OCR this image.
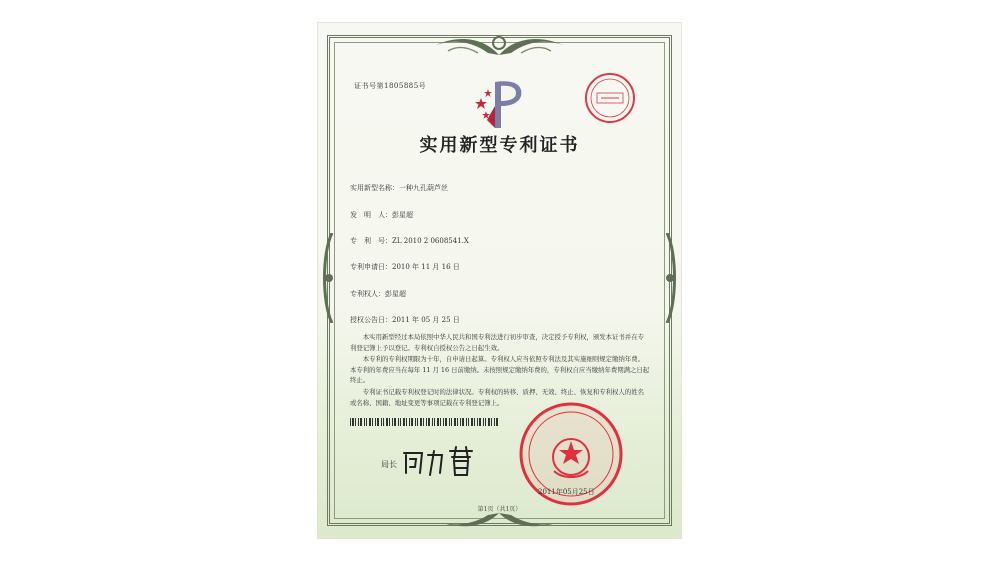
证书号第1805885号
实用新型专利证书
实用新型名称：一种九孔葫芦丝
发　明　人：彭星超
专　利　号：ZL 2010 2 0608541.X
专利申请日：2010 年 11 月 16 日
专利权人：彭星超
授权公告日：2011 年 05 月 25 日
本实用新型经过本局依照中华人民共和国专利法进行初步审查，决定授予专利权，颁发本证书并在专利登记簿上予以登记。专利权自授权公告之日起生效。
本专利的专利权期限为十年，自申请日起算。专利权人应当依照专利法及其实施细则规定缴纳年费。本专利的年费应当在每年 11 月 16 日前缴纳。未按照规定缴纳年费的，专利权自应当缴纳年费期满之日起终止。
专利证书记载专利权登记时的法律状况。专利权的转移、质押、无效、终止、恢复和专利权人的姓名或名称、国籍、地址变更等事项记载在专利登记簿上。
局长
2011年05月25日
第1页（共1页）
